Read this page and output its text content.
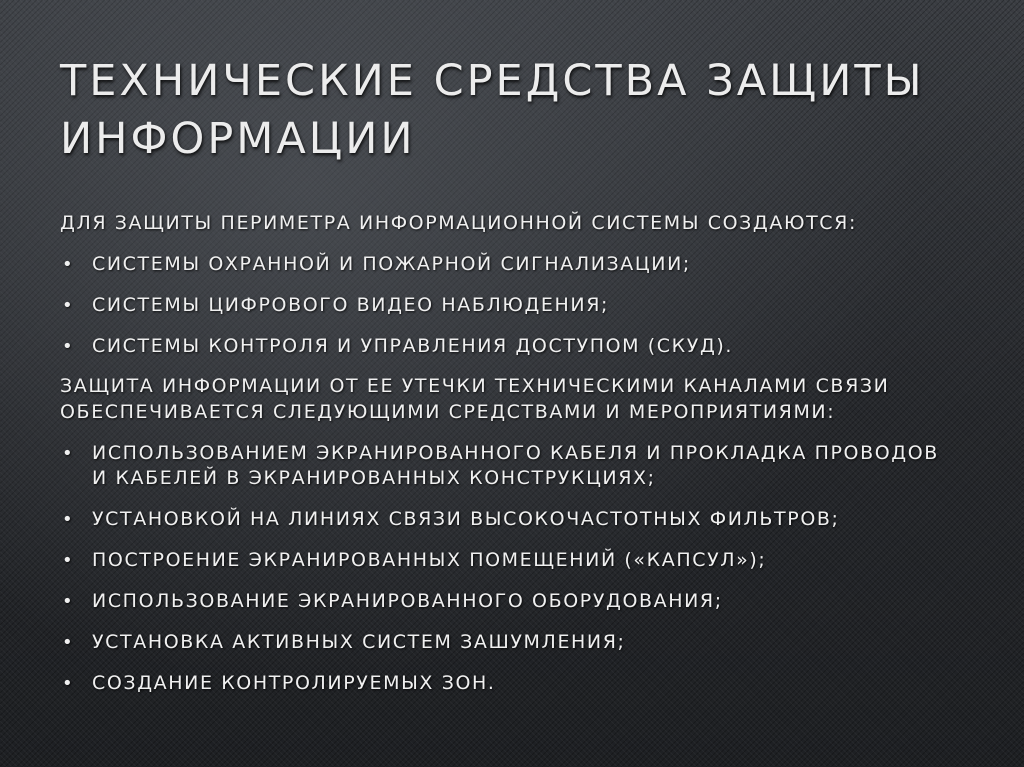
ТЕХНИЧЕСКИЕ СРЕДСТВА ЗАЩИТЫ ИНФОРМАЦИИ

ДЛЯ ЗАЩИТЫ ПЕРИМЕТРА ИНФОРМАЦИОННОЙ СИСТЕМЫ СОЗДАЮТСЯ:

• СИСТЕМЫ ОХРАННОЙ И ПОЖАРНОЙ СИГНАЛИЗАЦИИ;
• СИСТЕМЫ ЦИФРОВОГО ВИДЕО НАБЛЮДЕНИЯ;
• СИСТЕМЫ КОНТРОЛЯ И УПРАВЛЕНИЯ ДОСТУПОМ (СКУД).

ЗАЩИТА ИНФОРМАЦИИ ОТ ЕЕ УТЕЧКИ ТЕХНИЧЕСКИМИ КАНАЛАМИ СВЯЗИ ОБЕСПЕЧИВАЕТСЯ СЛЕДУЮЩИМИ СРЕДСТВАМИ И МЕРОПРИЯТИЯМИ:

• ИСПОЛЬЗОВАНИЕМ ЭКРАНИРОВАННОГО КАБЕЛЯ И ПРОКЛАДКА ПРОВОДОВ И КАБЕЛЕЙ В ЭКРАНИРОВАННЫХ КОНСТРУКЦИЯХ;
• УСТАНОВКОЙ НА ЛИНИЯХ СВЯЗИ ВЫСОКОЧАСТОТНЫХ ФИЛЬТРОВ;
• ПОСТРОЕНИЕ ЭКРАНИРОВАННЫХ ПОМЕЩЕНИЙ («КАПСУЛ»);
• ИСПОЛЬЗОВАНИЕ ЭКРАНИРОВАННОГО ОБОРУДОВАНИЯ;
• УСТАНОВКА АКТИВНЫХ СИСТЕМ ЗАШУМЛЕНИЯ;
• СОЗДАНИЕ КОНТРОЛИРУЕМЫХ ЗОН.
